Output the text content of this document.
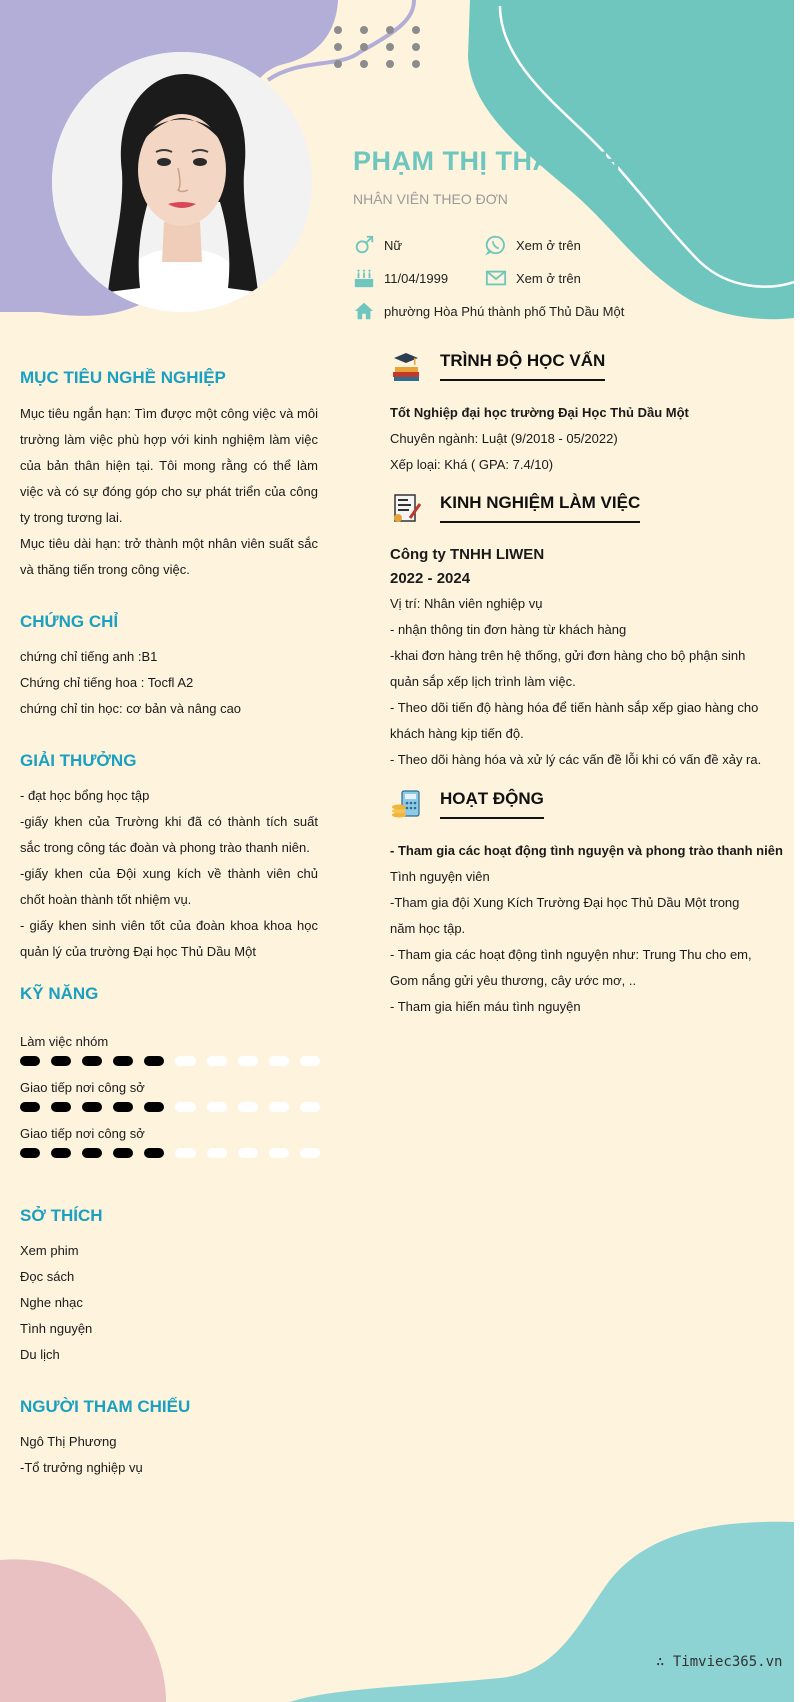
PHẠM THỊ THANH HIỀN
NHÂN VIÊN THEO ĐƠN
Nữ	Xem ở trên
11/04/1999	Xem ở trên
phường Hòa Phú thành phố Thủ Dầu Một
MỤC TIÊU NGHỀ NGHIỆP

Mục tiêu ngắn hạn: Tìm được một công việc và môi trường làm việc phù hợp với kinh nghiệm làm việc của bản thân hiện tại. Tôi mong rằng có thể làm việc và có sự đóng góp cho sự phát triển của công ty trong tương lai.

Mục tiêu dài hạn: trở thành một nhân viên suất sắc và thăng tiến trong công việc.

CHỨNG CHỈ
chứng chỉ tiếng anh :B1
Chứng chỉ tiếng hoa : Tocfl A2
chứng chỉ tin học: cơ bản và nâng cao
GIẢI THƯỞNG

- đạt học bổng học tập

-giấy khen của Trường khi đã có thành tích suất sắc trong công tác đoàn và phong trào thanh niên.

-giấy khen của Đội xung kích về thành viên chủ chốt hoàn thành tốt nhiệm vụ.

- giấy khen sinh viên tốt của đoàn khoa khoa học quản lý của trường Đại học Thủ Dầu Một

KỸ NĂNG
Làm việc nhóm
Giao tiếp nơi công sở
Giao tiếp nơi công sở
SỞ THÍCH
Xem phim
Đọc sách
Nghe nhạc
Tình nguyện
Du lịch
NGƯỜI THAM CHIẾU
Ngô Thị Phương
-Tổ trưởng nghiệp vụ
TRÌNH ĐỘ HỌC VẤN
Tốt Nghiệp đại học trường Đại Học Thủ Dầu Một
Chuyên ngành: Luật (9/2018 - 05/2022)
Xếp loại: Khá ( GPA: 7.4/10)
KINH NGHIỆM LÀM VIỆC
Công ty TNHH LIWEN
2022 - 2024
Vị trí: Nhân viên nghiệp vụ
- nhận thông tin đơn hàng từ khách hàng
-khai đơn hàng trên hệ thống, gửi đơn hàng cho bộ phận sinh quản sắp xếp lịch trình làm việc.
- Theo dõi tiến độ hàng hóa để tiến hành sắp xếp giao hàng cho khách hàng kịp tiến độ.
- Theo dõi hàng hóa và xử lý các vấn đề lỗi khi có vấn đề xảy ra.
HOẠT ĐỘNG
- Tham gia các hoạt động tình nguyện và phong trào thanh niên
Tình nguyện viên
-Tham gia đội Xung Kích Trường Đại học Thủ Dầu Một trong năm học tập.
- Tham gia các hoạt động tình nguyện như: Trung Thu cho em, Gom nắng gửi yêu thương, cây ước mơ, ..
- Tham gia hiến máu tình nguyện
∴ Timviec365.vn
